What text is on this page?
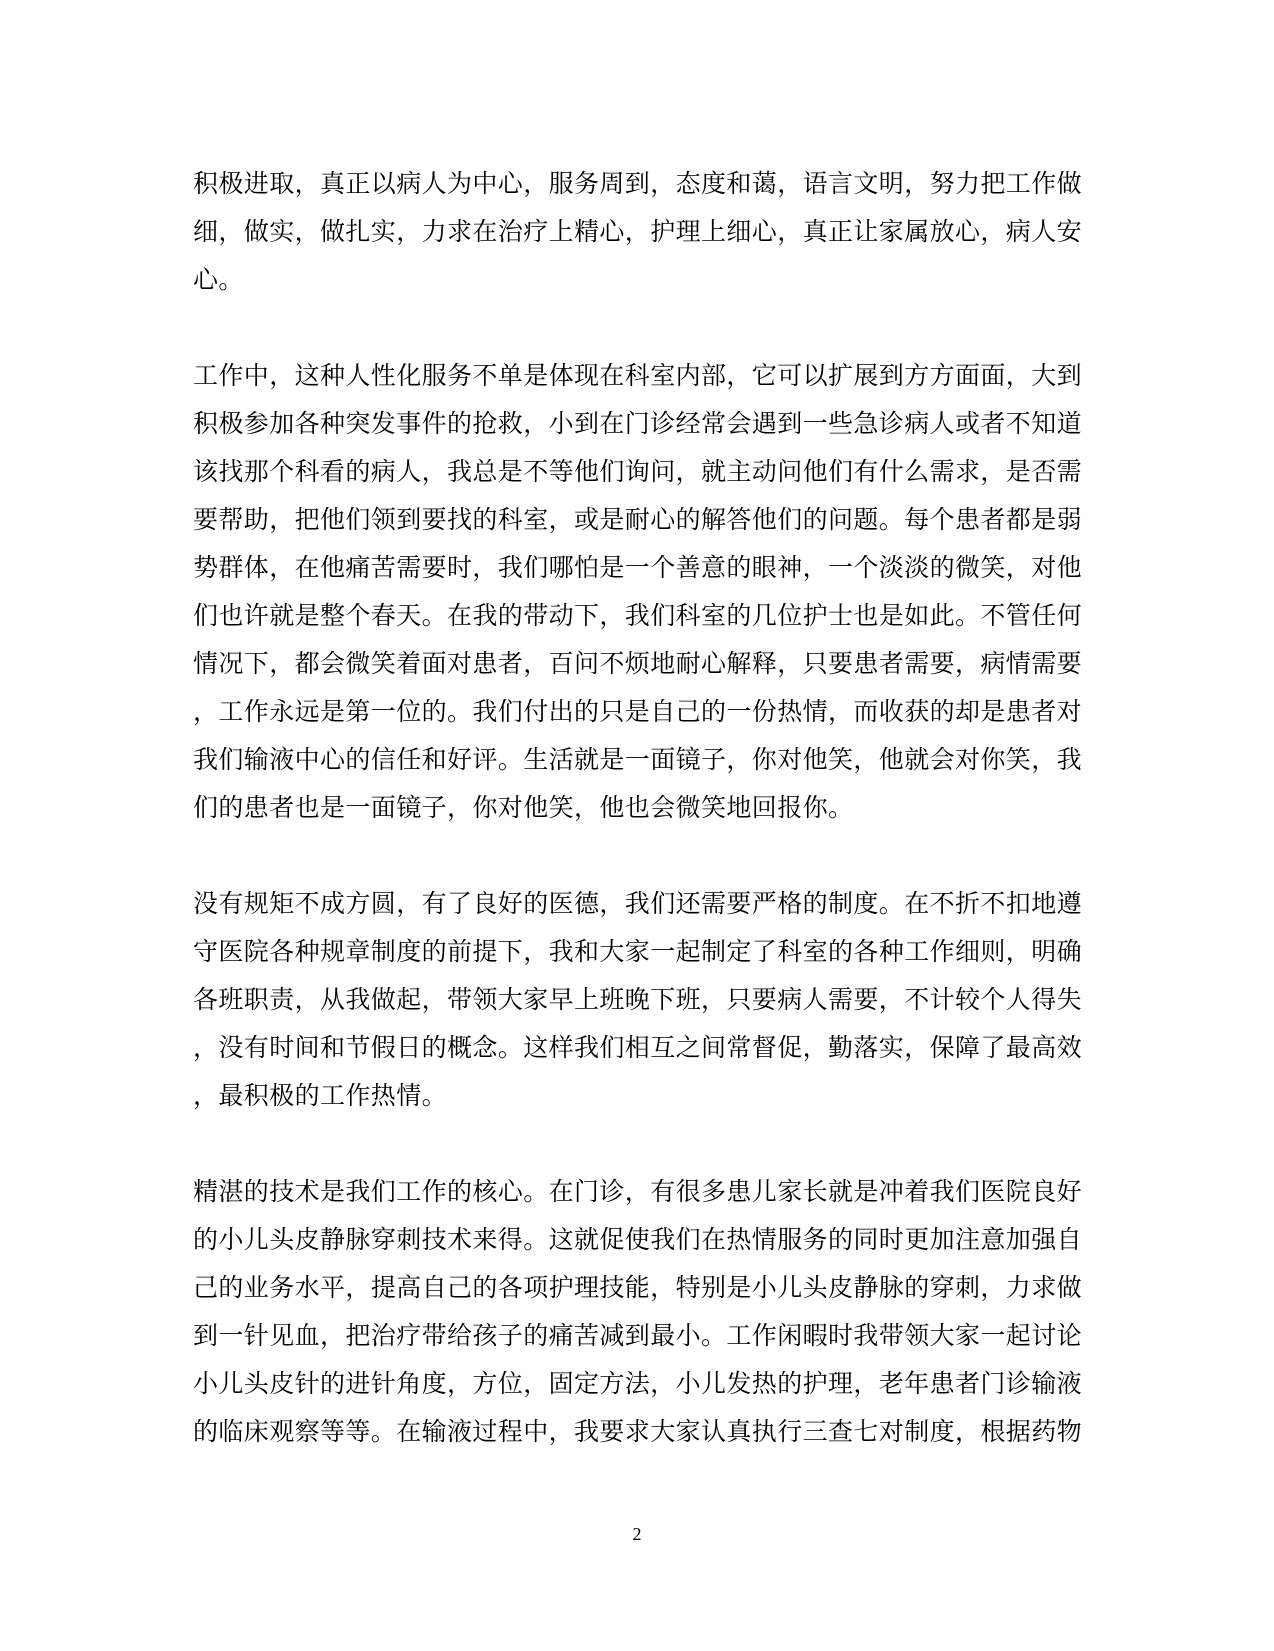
积极进取，真正以病人为中心，服务周到，态度和蔼，语言文明，努力把工作做
细，做实，做扎实，力求在治疗上精心，护理上细心，真正让家属放心，病人安
心。
工作中，这种人性化服务不单是体现在科室内部，它可以扩展到方方面面，大到
积极参加各种突发事件的抢救，小到在门诊经常会遇到一些急诊病人或者不知道
该找那个科看的病人，我总是不等他们询问，就主动问他们有什么需求，是否需
要帮助，把他们领到要找的科室，或是耐心的解答他们的问题。每个患者都是弱
势群体，在他痛苦需要时，我们哪怕是一个善意的眼神，一个淡淡的微笑，对他
们也许就是整个春天。在我的带动下，我们科室的几位护士也是如此。不管任何
情况下，都会微笑着面对患者，百问不烦地耐心解释，只要患者需要，病情需要
，工作永远是第一位的。我们付出的只是自己的一份热情，而收获的却是患者对
我们输液中心的信任和好评。生活就是一面镜子，你对他笑，他就会对你笑，我
们的患者也是一面镜子，你对他笑，他也会微笑地回报你。
没有规矩不成方圆，有了良好的医德，我们还需要严格的制度。在不折不扣地遵
守医院各种规章制度的前提下，我和大家一起制定了科室的各种工作细则，明确
各班职责，从我做起，带领大家早上班晚下班，只要病人需要，不计较个人得失
，没有时间和节假日的概念。这样我们相互之间常督促，勤落实，保障了最高效
，最积极的工作热情。
精湛的技术是我们工作的核心。在门诊，有很多患儿家长就是冲着我们医院良好
的小儿头皮静脉穿刺技术来得。这就促使我们在热情服务的同时更加注意加强自
己的业务水平，提高自己的各项护理技能，特别是小儿头皮静脉的穿刺，力求做
到一针见血，把治疗带给孩子的痛苦减到最小。工作闲暇时我带领大家一起讨论
小儿头皮针的进针角度，方位，固定方法，小儿发热的护理，老年患者门诊输液
的临床观察等等。在输液过程中，我要求大家认真执行三查七对制度，根据药物
2
